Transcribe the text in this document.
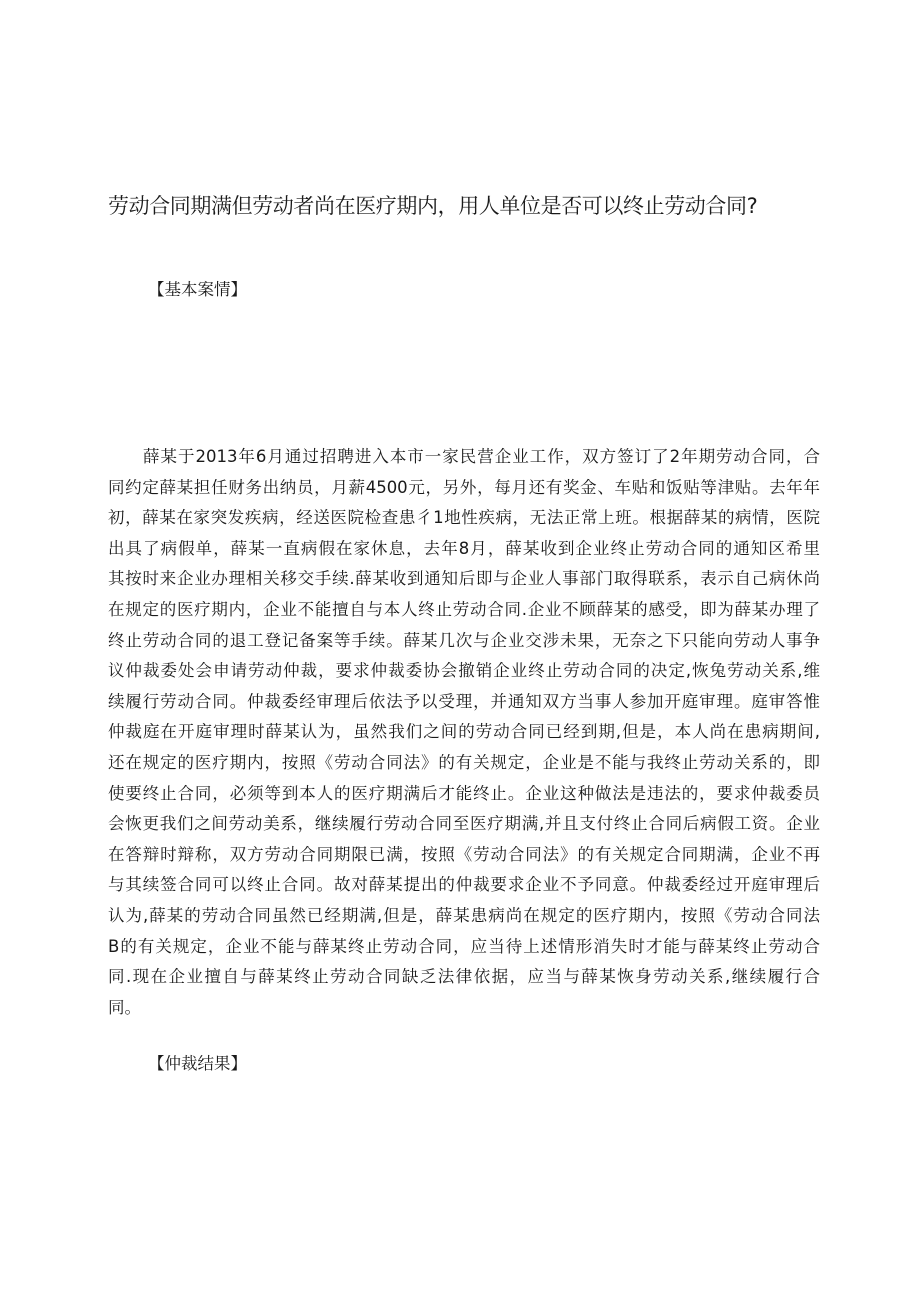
劳动合同期满但劳动者尚在医疗期内，用人单位是否可以终止劳动合同?
【基本案情】
薛某于2013年6月通过招聘进入本市一家民营企业工作，双方签订了2年期劳动合同，合
同约定薛某担任财务出纳员，月薪4500元，另外，每月还有奖金、车贴和饭贴等津贴。去年年
初，薛某在家突发疾病，经送医院检查患彳1地性疾病，无法正常上班。根据薛某的病情，医院
出具了病假单，薛某一直病假在家休息，去年8月，薛某收到企业终止劳动合同的通知区希里
其按时来企业办理相关移交手续.薛某收到通知后即与企业人事部门取得联系，表示自己病休尚
在规定的医疗期内，企业不能擅自与本人终止劳动合同.企业不顾薛某的感受，即为薛某办理了
终止劳动合同的退工登记备案等手续。薛某几次与企业交涉未果，无奈之下只能向劳动人事争
议仲裁委处会申请劳动仲裁，要求仲裁委协会撤销企业终止劳动合同的决定,恢兔劳动关系,维
续履行劳动合同。仲裁委经审理后依法予以受理，并通知双方当事人参加开庭审理。庭审答惟
仲裁庭在开庭审理时薛某认为，虽然我们之间的劳动合同已经到期,但是，本人尚在患病期间,
还在规定的医疗期内，按照《劳动合同法》的有关规定，企业是不能与我终止劳动关系的，即
使要终止合同，必须等到本人的医疗期满后才能终止。企业这种做法是违法的，要求仲裁委员
会恢更我们之间劳动美系，继续履行劳动合同至医疗期满,并且支付终止合同后病假工资。企业
在答辩时辩称，双方劳动合同期限已满，按照《劳动合同法》的有关规定合同期满，企业不再
与其续签合同可以终止合同。故对薛某提出的仲裁要求企业不予同意。仲裁委经过开庭审理后
认为,薛某的劳动合同虽然已经期满,但是，薛某患病尚在规定的医疗期内，按照《劳动合同法
B的有关规定，企业不能与薛某终止劳动合同，应当待上述情形消失时才能与薛某终止劳动合
同.现在企业擅自与薛某终止劳动合同缺乏法律依据，应当与薛某恢身劳动关系,继续履行合
同。
【仲裁结果】
